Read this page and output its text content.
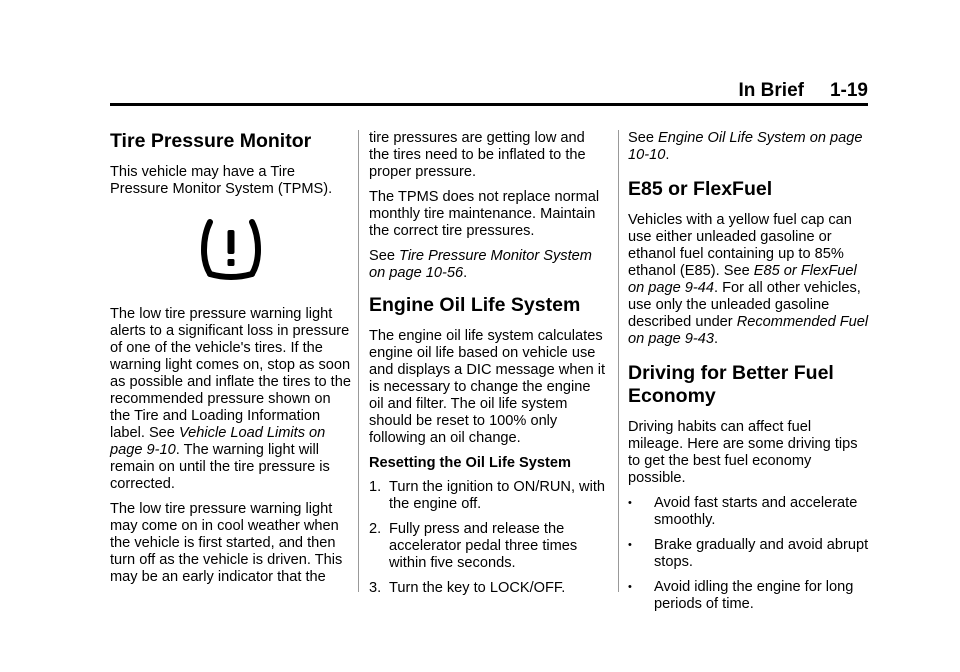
In Brief 1-19
Tire Pressure Monitor

This vehicle may have a Tire Pressure Monitor System (TPMS).

The low tire pressure warning light alerts to a significant loss in pressure of one of the vehicle's tires. If the warning light comes on, stop as soon as possible and inflate the tires to the recommended pressure shown on the Tire and Loading Information label. See Vehicle Load Limits on page 9-10. The warning light will remain on until the tire pressure is corrected.

The low tire pressure warning light may come on in cool weather when the vehicle is first started, and then turn off as the vehicle is driven. This may be an early indicator that the

tire pressures are getting low and the tires need to be inflated to the proper pressure.

The TPMS does not replace normal monthly tire maintenance. Maintain the correct tire pressures.

See Tire Pressure Monitor System on page 10-56.

Engine Oil Life System

The engine oil life system calculates engine oil life based on vehicle use and displays a DIC message when it is necessary to change the engine oil and filter. The oil life system should be reset to 100% only following an oil change.

Resetting the Oil Life System

1. Turn the ignition to ON/RUN, with the engine off.
2. Fully press and release the accelerator pedal three times within five seconds.
3. Turn the key to LOCK/OFF.

See Engine Oil Life System on page 10-10.

E85 or FlexFuel

Vehicles with a yellow fuel cap can use either unleaded gasoline or ethanol fuel containing up to 85% ethanol (E85). See E85 or FlexFuel on page 9-44. For all other vehicles, use only the unleaded gasoline described under Recommended Fuel on page 9-43.

Driving for Better Fuel Economy

Driving habits can affect fuel mileage. Here are some driving tips to get the best fuel economy possible.

• Avoid fast starts and accelerate smoothly.
• Brake gradually and avoid abrupt stops.
• Avoid idling the engine for long periods of time.
